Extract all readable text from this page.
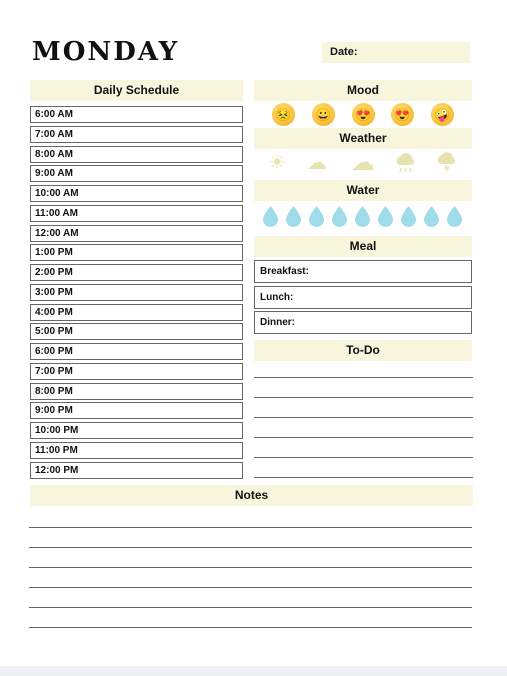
MONDAY	Date:
Daily Schedule
6:00 AM
7:00 AM
8:00 AM
9:00 AM
10:00 AM
11:00 AM
12:00 AM
1:00 PM
2:00 PM
3:00 PM
4:00 PM
5:00 PM
6:00 PM
7:00 PM
8:00 PM
9:00 PM
10:00 PM
11:00 PM
12:00 PM
Mood
😣 😀 😍 😍 🤪
Weather
☀ ☁ ☁
Water
Meal
Breakfast:
Lunch:
Dinner:
To-Do
Notes
